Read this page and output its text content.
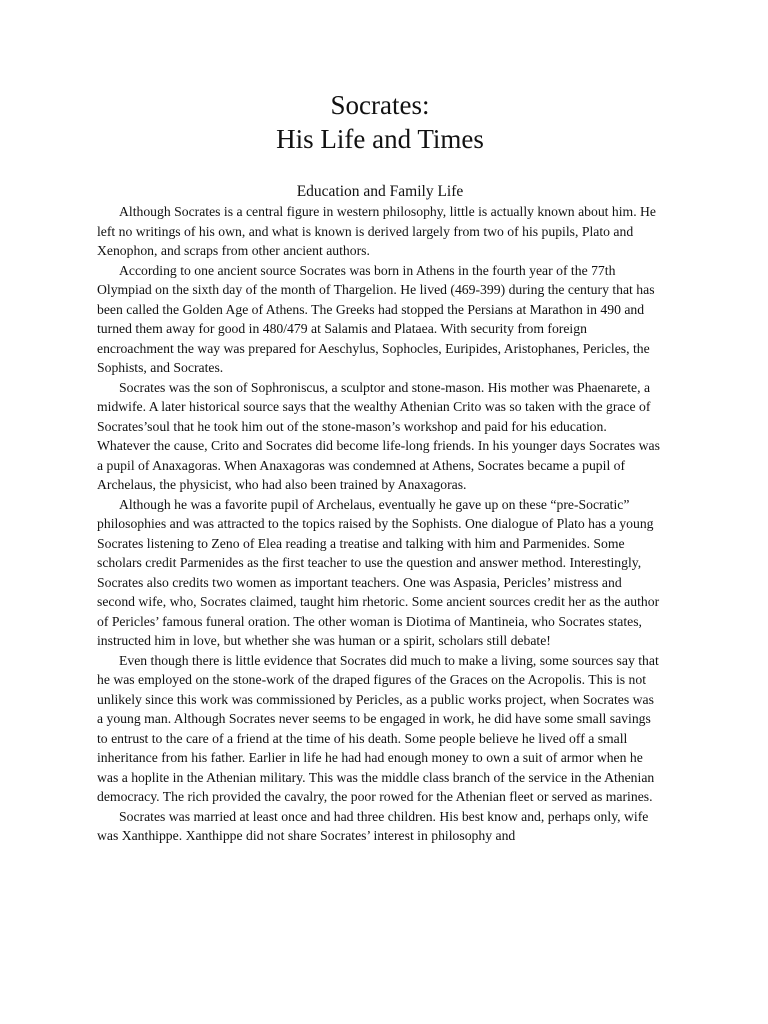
Socrates:
His Life and Times
Education and Family Life

Although Socrates is a central figure in western philosophy, little is actually known about him. He left no writings of his own, and what is known is derived largely from two of his pupils, Plato and Xenophon, and scraps from other ancient authors.

According to one ancient source Socrates was born in Athens in the fourth year of the 77th Olympiad on the sixth day of the month of Thargelion. He lived (469-399) during the century that has been called the Golden Age of Athens. The Greeks had stopped the Persians at Marathon in 490 and turned them away for good in 480/479 at Salamis and Plataea. With security from foreign encroachment the way was prepared for Aeschylus, Sophocles, Euripides, Aristophanes, Pericles, the Sophists, and Socrates.

Socrates was the son of Sophroniscus, a sculptor and stone-mason. His mother was Phaenarete, a midwife. A later historical source says that the wealthy Athenian Crito was so taken with the grace of Socrates’soul that he took him out of the stone-mason’s workshop and paid for his education. Whatever the cause, Crito and Socrates did become life-long friends. In his younger days Socrates was a pupil of Anaxagoras. When Anaxagoras was condemned at Athens, Socrates became a pupil of Archelaus, the physicist, who had also been trained by Anaxagoras.

Although he was a favorite pupil of Archelaus, eventually he gave up on these “pre-Socratic” philosophies and was attracted to the topics raised by the Sophists. One dialogue of Plato has a young Socrates listening to Zeno of Elea reading a treatise and talking with him and Parmenides. Some scholars credit Parmenides as the first teacher to use the question and answer method. Interestingly, Socrates also credits two women as important teachers. One was Aspasia, Pericles’ mistress and second wife, who, Socrates claimed, taught him rhetoric. Some ancient sources credit her as the author of Pericles’ famous funeral oration. The other woman is Diotima of Mantineia, who Socrates states, instructed him in love, but whether she was human or a spirit, scholars still debate!

Even though there is little evidence that Socrates did much to make a living, some sources say that he was employed on the stone-work of the draped figures of the Graces on the Acropolis. This is not unlikely since this work was commissioned by Pericles, as a public works project, when Socrates was a young man. Although Socrates never seems to be engaged in work, he did have some small savings to entrust to the care of a friend at the time of his death. Some people believe he lived off a small inheritance from his father. Earlier in life he had had enough money to own a suit of armor when he was a hoplite in the Athenian military. This was the middle class branch of the service in the Athenian democracy. The rich provided the cavalry, the poor rowed for the Athenian fleet or served as marines.

Socrates was married at least once and had three children. His best know and, perhaps only, wife was Xanthippe. Xanthippe did not share Socrates’ interest in philosophy and
